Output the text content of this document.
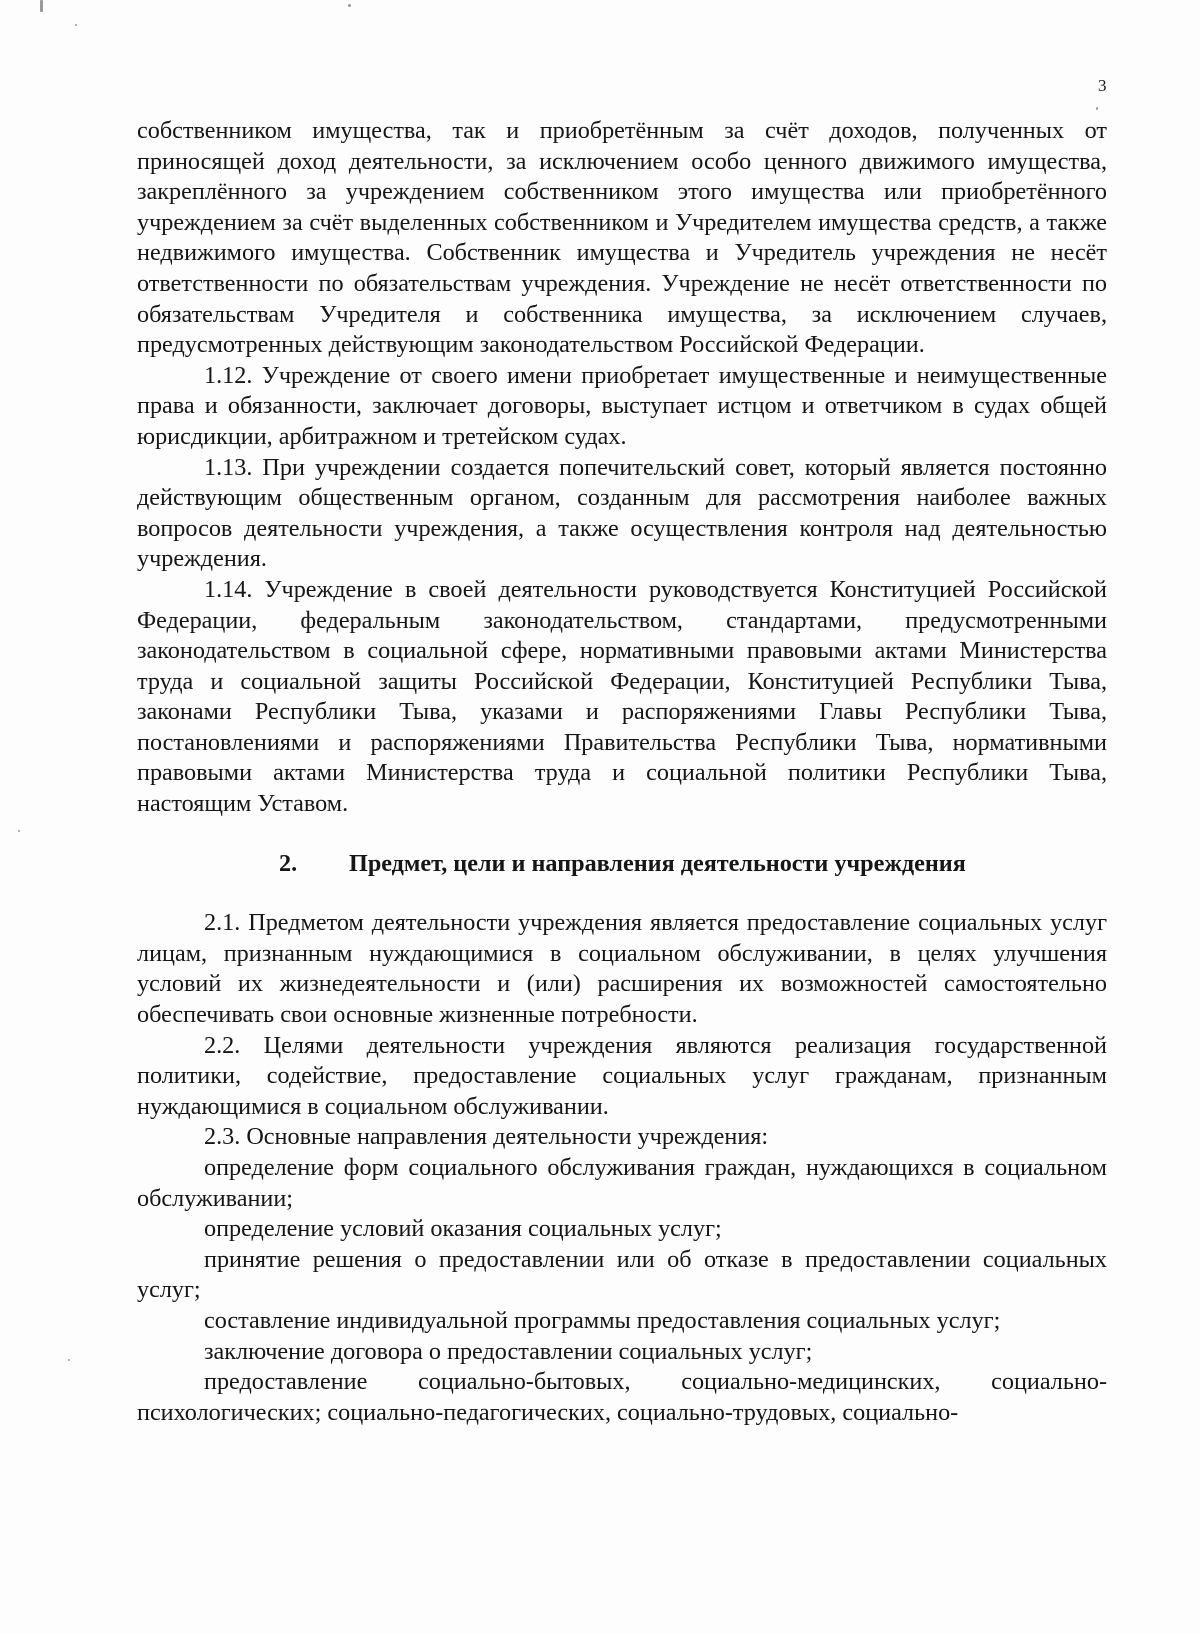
3

собственником имущества, так и приобретённым за счёт доходов, полученных от приносящей доход деятельности, за исключением особо ценного движимого имущества, закреплённого за учреждением собственником этого имущества или приобретённого учреждением за счёт выделенных собственником и Учредителем имущества средств, а также недвижимого имущества. Собственник имущества и Учредитель учреждения не несёт ответственности по обязательствам учреждения. Учреждение не несёт ответственности по обязательствам Учредителя и собственника имущества, за исключением случаев, предусмотренных действующим законодательством Российской Федерации.

1.12. Учреждение от своего имени приобретает имущественные и неимущественные права и обязанности, заключает договоры, выступает истцом и ответчиком в судах общей юрисдикции, арбитражном и третейском судах.

1.13. При учреждении создается попечительский совет, который является постоянно действующим общественным органом, созданным для рассмотрения наиболее важных вопросов деятельности учреждения, а также осуществления контроля над деятельностью учреждения.

1.14. Учреждение в своей деятельности руководствуется Конституцией Российской Федерации, федеральным законодательством, стандартами, предусмотренными законодательством в социальной сфере, нормативными правовыми актами Министерства труда и социальной защиты Российской Федерации, Конституцией Республики Тыва, законами Республики Тыва, указами и распоряжениями Главы Республики Тыва, постановлениями и распоряжениями Правительства Республики Тыва, нормативными правовыми актами Министерства труда и социальной политики Республики Тыва, настоящим Уставом.

2.	Предмет, цели и направления деятельности учреждения

2.1. Предметом деятельности учреждения является предоставление социальных услуг лицам, признанным нуждающимися в социальном обслуживании, в целях улучшения условий их жизнедеятельности и (или) расширения их возможностей самостоятельно обеспечивать свои основные жизненные потребности.

2.2. Целями деятельности учреждения являются реализация государственной политики, содействие, предоставление социальных услуг гражданам, признанным нуждающимися в социальном обслуживании.

2.3. Основные направления деятельности учреждения:

определение форм социального обслуживания граждан, нуждающихся в социальном обслуживании;

определение условий оказания социальных услуг;

принятие решения о предоставлении или об отказе в предоставлении социальных услуг;

составление индивидуальной программы предоставления социальных услуг;

заключение договора о предоставлении социальных услуг;

предоставление социально-бытовых, социально-медицинских, социально-психологических; социально-педагогических, социально-трудовых, социально-
